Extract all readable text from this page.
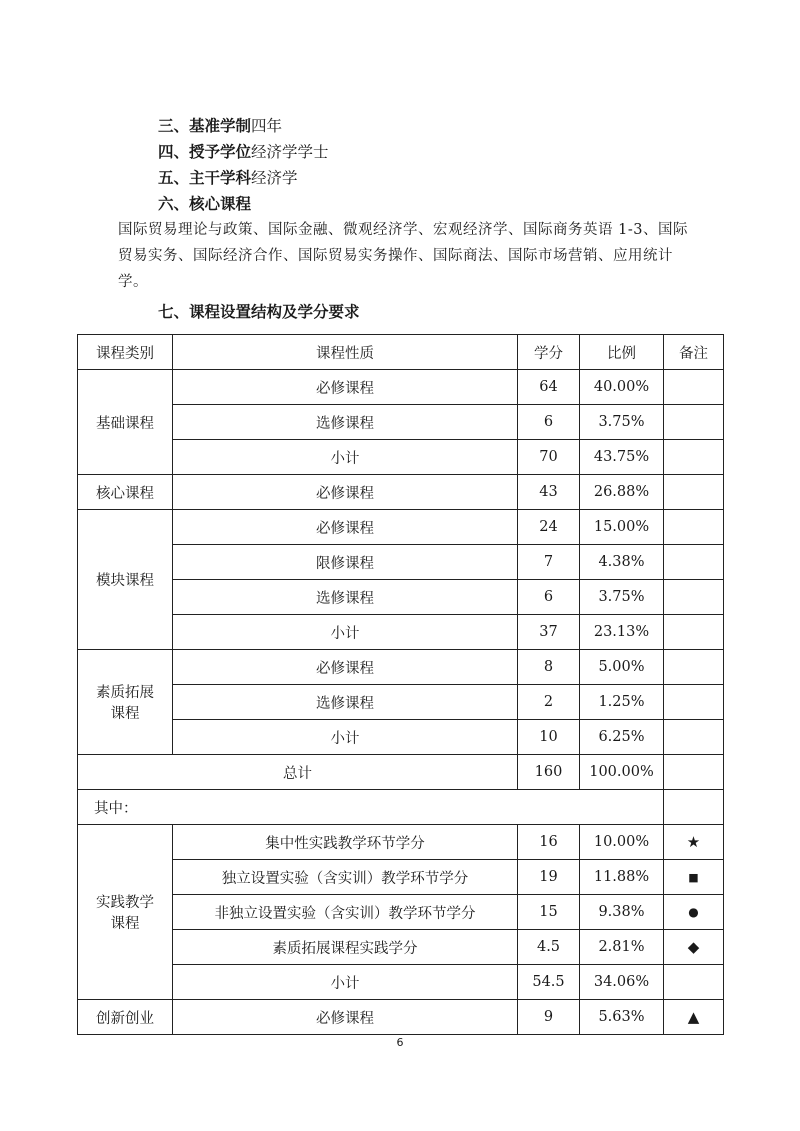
三、基准学制四年
四、授予学位经济学学士
五、主干学科经济学
六、核心课程
国际贸易理论与政策、国际金融、微观经济学、宏观经济学、国际商务英语 1-3、国际贸易实务、国际经济合作、国际贸易实务操作、国际商法、国际市场营销、应用统计学。
七、课程设置结构及学分要求
课程类别	课程性质	学分	比例	备注
基础课程	必修课程	64	40.00%	
	选修课程	6	3.75%	
	小计	70	43.75%	
核心课程	必修课程	43	26.88%	
模块课程	必修课程	24	15.00%	
	限修课程	7	4.38%	
	选修课程	6	3.75%	
	小计	37	23.13%	
素质拓展
课程	必修课程	8	5.00%	
	选修课程	2	1.25%	
	小计	10	6.25%	
总计		160	100.00%	
其中：				
实践教学
课程	集中性实践教学环节学分	16	10.00%	★
	独立设置实验（含实训）教学环节学分	19	11.88%	■
	非独立设置实验（含实训）教学环节学分	15	9.38%	●
	素质拓展课程实践学分	4.5	2.81%	◆
	小计	54.5	34.06%	
创新创业	必修课程	9	5.63%	▲
6
